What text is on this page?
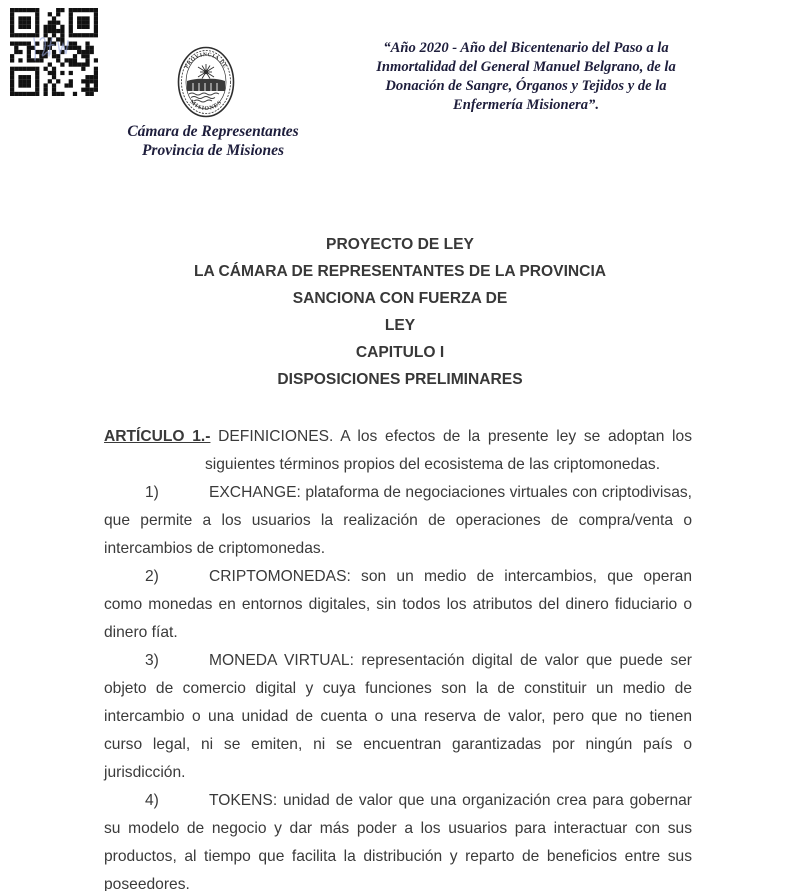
PROVINCIA DE
MISIONES
Cámara de Representantes
Provincia de Misiones
“Año 2020 - Año del Bicentenario del Paso a la
Inmortalidad del General Manuel Belgrano, de la
Donación de Sangre, Órganos y Tejidos y de la
Enfermería Misionera”.
PROYECTO DE LEY
LA CÁMARA DE REPRESENTANTES DE LA PROVINCIA
SANCIONA CON FUERZA DE
LEY
CAPITULO I
DISPOSICIONES PRELIMINARES
ARTÍCULO 1.- DEFINICIONES. A los efectos de la presente ley se adoptan los
siguientes términos propios del ecosistema de las criptomonedas.
1)	EXCHANGE: plataforma de negociaciones virtuales con criptodivisas,
que permite a los usuarios la realización de operaciones de compra/venta o
intercambios de criptomonedas.
2)	CRIPTOMONEDAS: son un medio de intercambios, que operan
como monedas en entornos digitales, sin todos los atributos del dinero fiduciario o
dinero fíat.
3)	MONEDA VIRTUAL: representación digital de valor que puede ser
objeto de comercio digital y cuya funciones son la de constituir un medio de
intercambio o una unidad de cuenta o una reserva de valor, pero que no tienen
curso legal, ni se emiten, ni se encuentran garantizadas por ningún país o
jurisdicción.
4)	TOKENS: unidad de valor que una organización crea para gobernar
su modelo de negocio y dar más poder a los usuarios para interactuar con sus
productos, al tiempo que facilita la distribución y reparto de beneficios entre sus
poseedores.
